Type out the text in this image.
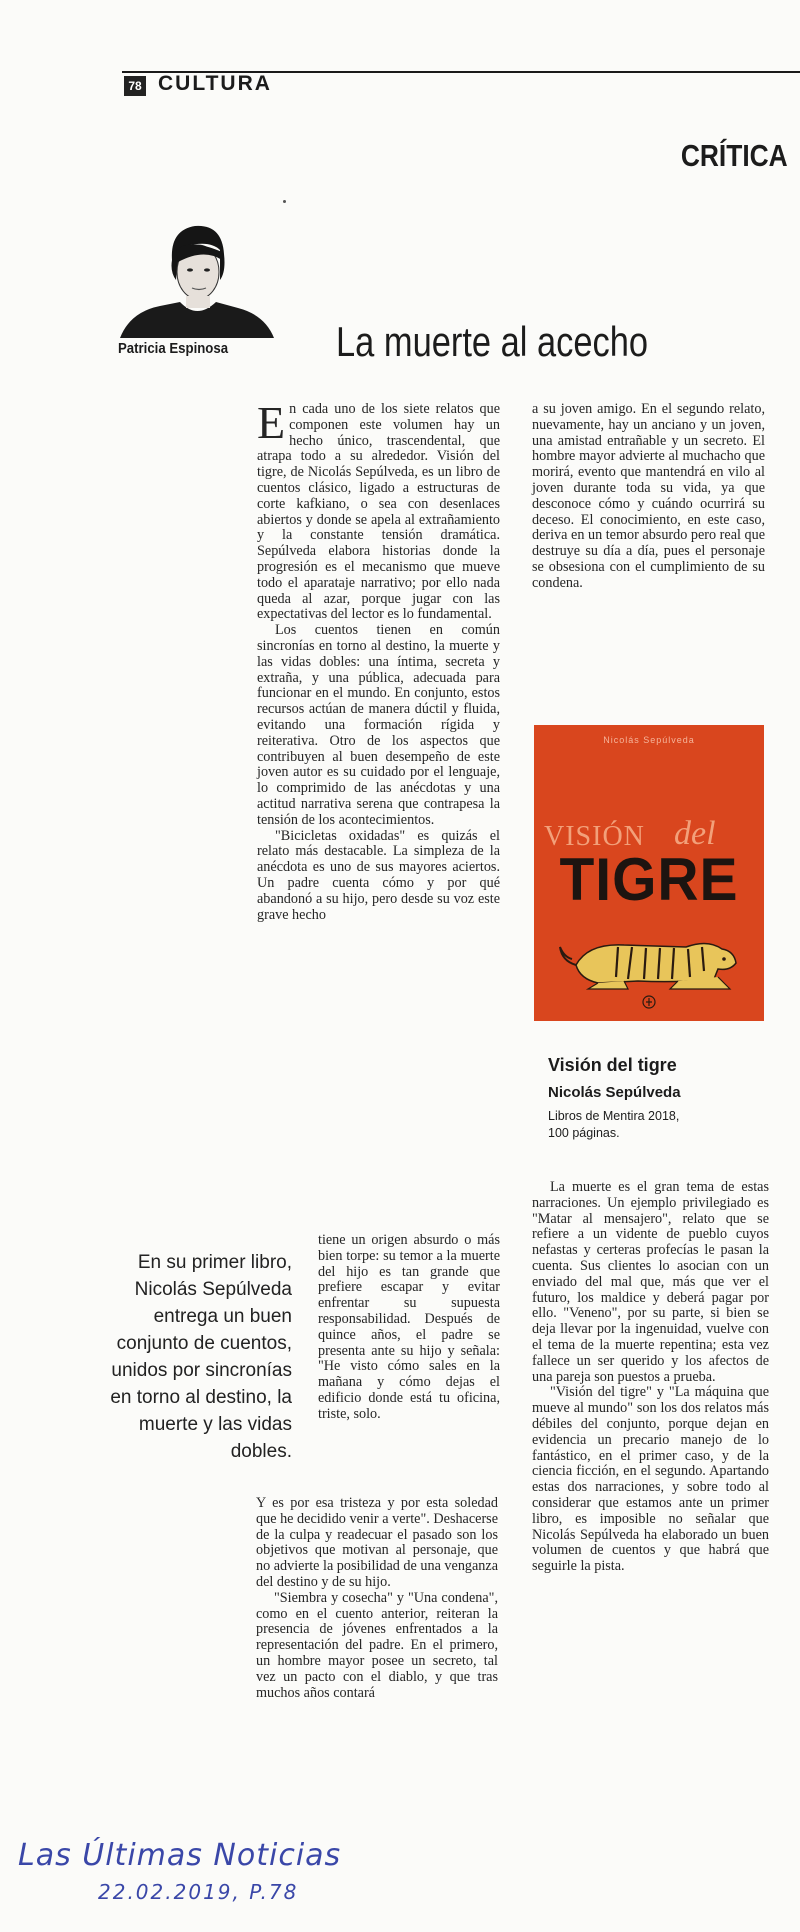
78 CULTURA
CRÍTICA
Patricia Espinosa	La muerte al acecho

En cada uno de los siete relatos que componen este volumen hay un hecho único, trascendental, que atrapa todo a su alrededor. Visión del tigre, de Nicolás Sepúlveda, es un libro de cuentos clásico, ligado a estructuras de corte kafkiano, o sea con desenlaces abiertos y donde se apela al extrañamiento y la constante tensión dramática. Sepúlveda elabora historias donde la progresión es el mecanismo que mueve todo el aparataje narrativo; por ello nada queda al azar, porque jugar con las expectativas del lector es lo fundamental.

Los cuentos tienen en común sincronías en torno al destino, la muerte y las vidas dobles: una íntima, secreta y extraña, y una pública, adecuada para funcionar en el mundo. En conjunto, estos recursos actúan de manera dúctil y fluida, evitando una formación rígida y reiterativa. Otro de los aspectos que contribuyen al buen desempeño de este joven autor es su cuidado por el lenguaje, lo comprimido de las anécdotas y una actitud narrativa serena que contrapesa la tensión de los acontecimientos.

"Bicicletas oxidadas" es quizás el relato más destacable. La simpleza de la anécdota es uno de sus mayores aciertos. Un padre cuenta cómo y por qué abandonó a su hijo, pero desde su voz este grave hecho

tiene un origen absurdo o más bien torpe: su temor a la muerte del hijo es tan grande que prefiere escapar y evitar enfrentar su supuesta responsabilidad. Después de quince años, el padre se presenta ante su hijo y señala: "He visto cómo sales en la mañana y cómo dejas el edificio donde está tu oficina, triste, solo.

Y es por esa tristeza y por esta soledad que he decidido venir a verte". Deshacerse de la culpa y readecuar el pasado son los objetivos que motivan al personaje, que no advierte la posibilidad de una venganza del destino y de su hijo.

"Siembra y cosecha" y "Una condena", como en el cuento anterior, reiteran la presencia de jóvenes enfrentados a la representación del padre. En el primero, un hombre mayor posee un secreto, tal vez un pacto con el diablo, y que tras muchos años contará

a su joven amigo. En el segundo relato, nuevamente, hay un anciano y un joven, una amistad entrañable y un secreto. El hombre mayor advierte al muchacho que morirá, evento que mantendrá en vilo al joven durante toda su vida, ya que desconoce cómo y cuándo ocurrirá su deceso. El conocimiento, en este caso, deriva en un temor absurdo pero real que destruye su día a día, pues el personaje se obsesiona con el cumplimiento de su condena.

La muerte es el gran tema de estas narraciones. Un ejemplo privilegiado es "Matar al mensajero", relato que se refiere a un vidente de pueblo cuyos nefastas y certeras profecías le pasan la cuenta. Sus clientes lo asocian con un enviado del mal que, más que ver el futuro, los maldice y deberá pagar por ello. "Veneno", por su parte, si bien se deja llevar por la ingenuidad, vuelve con el tema de la muerte repentina; esta vez fallece un ser querido y los afectos de una pareja son puestos a prueba.

"Visión del tigre" y "La máquina que mueve al mundo" son los dos relatos más débiles del conjunto, porque dejan en evidencia un precario manejo de lo fantástico, en el primer caso, y de la ciencia ficción, en el segundo. Apartando estas dos narraciones, y sobre todo al considerar que estamos ante un primer libro, es imposible no señalar que Nicolás Sepúlveda ha elaborado un buen volumen de cuentos y que habrá que seguirle la pista.

En su primer libro, Nicolás Sepúlveda entrega un buen conjunto de cuentos, unidos por sincronías en torno al destino, la muerte y las vidas dobles.
Nicolás Sepúlveda
VISIÓN del
TIGRE
Visión del tigre
Nicolás Sepúlveda
Libros de Mentira 2018,
100 páginas.
Las Últimas Noticias
22.02.2019, P.78
